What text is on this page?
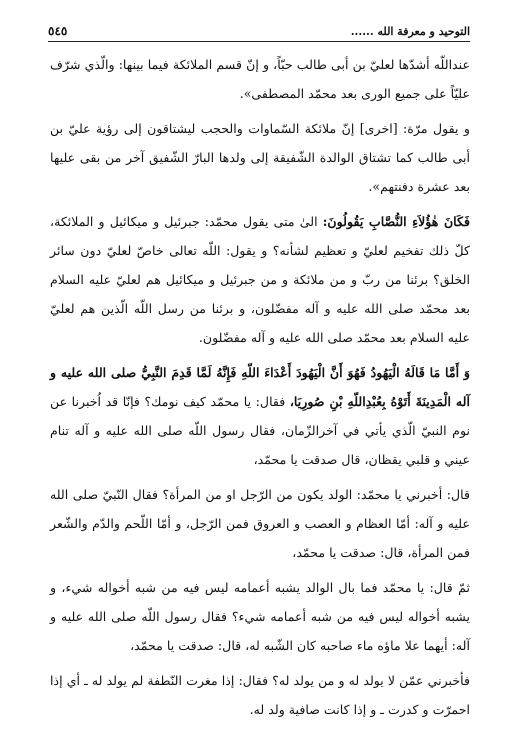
التوحيد و معرفة الله ......
٥٤٥

عنداللّه أشدّها لعليّ بن أبى طالب حبّاً، و إنّ قسم الملائكة فيما بينها: والّذي شرّف عليّاً على جميع الورى بعد محمّد المصطفى».

و يقول مرّة: [اخرى] إنّ ملائكة السّماوات والحجب ليشتاقون إلى رؤية عليّ بن أبى طالب كما تشتاق الوالدة الشّفيقة إلى ولدها البارّ الشّفيق آخر من بقى عليها بعد عشرة دفنتهم».

فَكَانَ هٰؤُلاَءِ النُّصَّابِ يَقُولُونَ: الىٰ متى يقول محمّد: جبرئيل و ميكائيل و الملائكة، كلّ ذلك تفخيم لعليّ و تعظيم لشأنه؟ و يقول: اللّه تعالى خاصّ لعليّ دون سائر الخلق؟ برئنا من ربّ و من ملائكة و من جبرئيل و ميكائيل هم لعليّ عليه السلام بعد محمّد صلى الله عليه و آله مفضّلون، و برئنا من رسل اللّه الّذين هم لعليّ عليه السلام بعد محمّد صلى الله عليه و آله مفضّلون.

وَ أَمَّا مَا قَالَهُ الْيَهُودُ فَهُوَ أَنَّ الْيَهُودَ أَعْدَاءَ اللّهِ فَإِنَّهُ لَمَّا قَدِمَ النَّبِيُّ صلى الله عليه و آله الْمَدِينَةَ أَتَوْهُ بِعُبْدِاللّهِ بْنِ صُورِيَا، فقال: يا محمّد كيف نومك؟ فإنّا قد اُخبرنا عن نوم النبيّ الّذي يأتي في آخرالزّمان، فقال رسول اللّه صلى الله عليه و آله تنام عيني و قلبي يقظان، قال صدقت يا محمّد،

قال: أخبرني يا محمّد: الولد يكون من الرّجل او من المرأة؟ فقال النّبيّ صلى الله عليه و آله: أمّا العظام و العصب و العروق فمن الرّجل، و أمّا اللّحم والدّم والشّعر فمن المرأة، قال: صدقت يا محمّد،

ثمّ قال: يا محمّد فما بال الوالد يشبه أعمامه ليس فيه من شبه أخواله شيء، و يشبه أخواله ليس فيه من شبه أعمامه شيء؟ فقال رسول اللّه صلى الله عليه و آله: أيهما علا ماؤه ماء صاحبه كان الشّبه له، قال: صدقت يا محمّد،

فأخبرني عمّن لا يولد له و من يولد له؟ فقال: إذا مغرت النّطفة لم يولد له ـ أي إذا احمرّت و كدرت ـ و إذا كانت صافية ولد له.
